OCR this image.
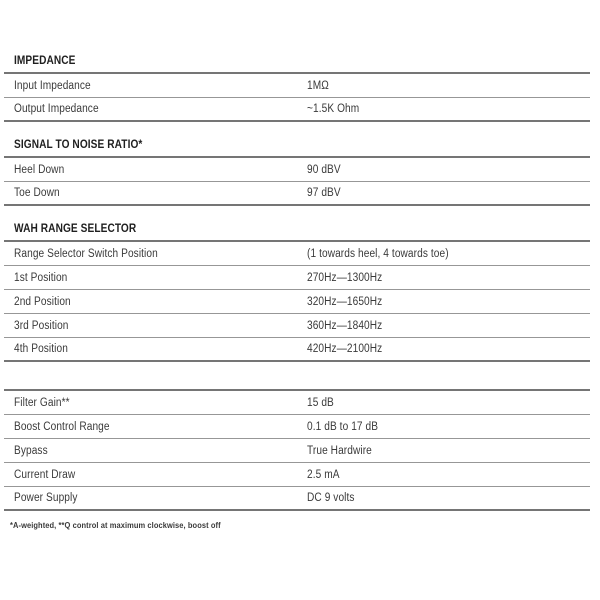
IMPEDANCE
Input Impedance	1MΩ
Output Impedance	~1.5K Ohm
SIGNAL TO NOISE RATIO*
Heel Down	90 dBV
Toe Down	97 dBV
WAH RANGE SELECTOR
Range Selector Switch Position	(1 towards heel, 4 towards toe)
1st Position	270Hz—1300Hz
2nd Position	320Hz—1650Hz
3rd Position	360Hz—1840Hz
4th Position	420Hz—2100Hz
Filter Gain**	15 dB
Boost Control Range	0.1 dB to 17 dB
Bypass	True Hardwire
Current Draw	2.5 mA
Power Supply	DC 9 volts
*A-weighted, **Q control at maximum clockwise, boost off
